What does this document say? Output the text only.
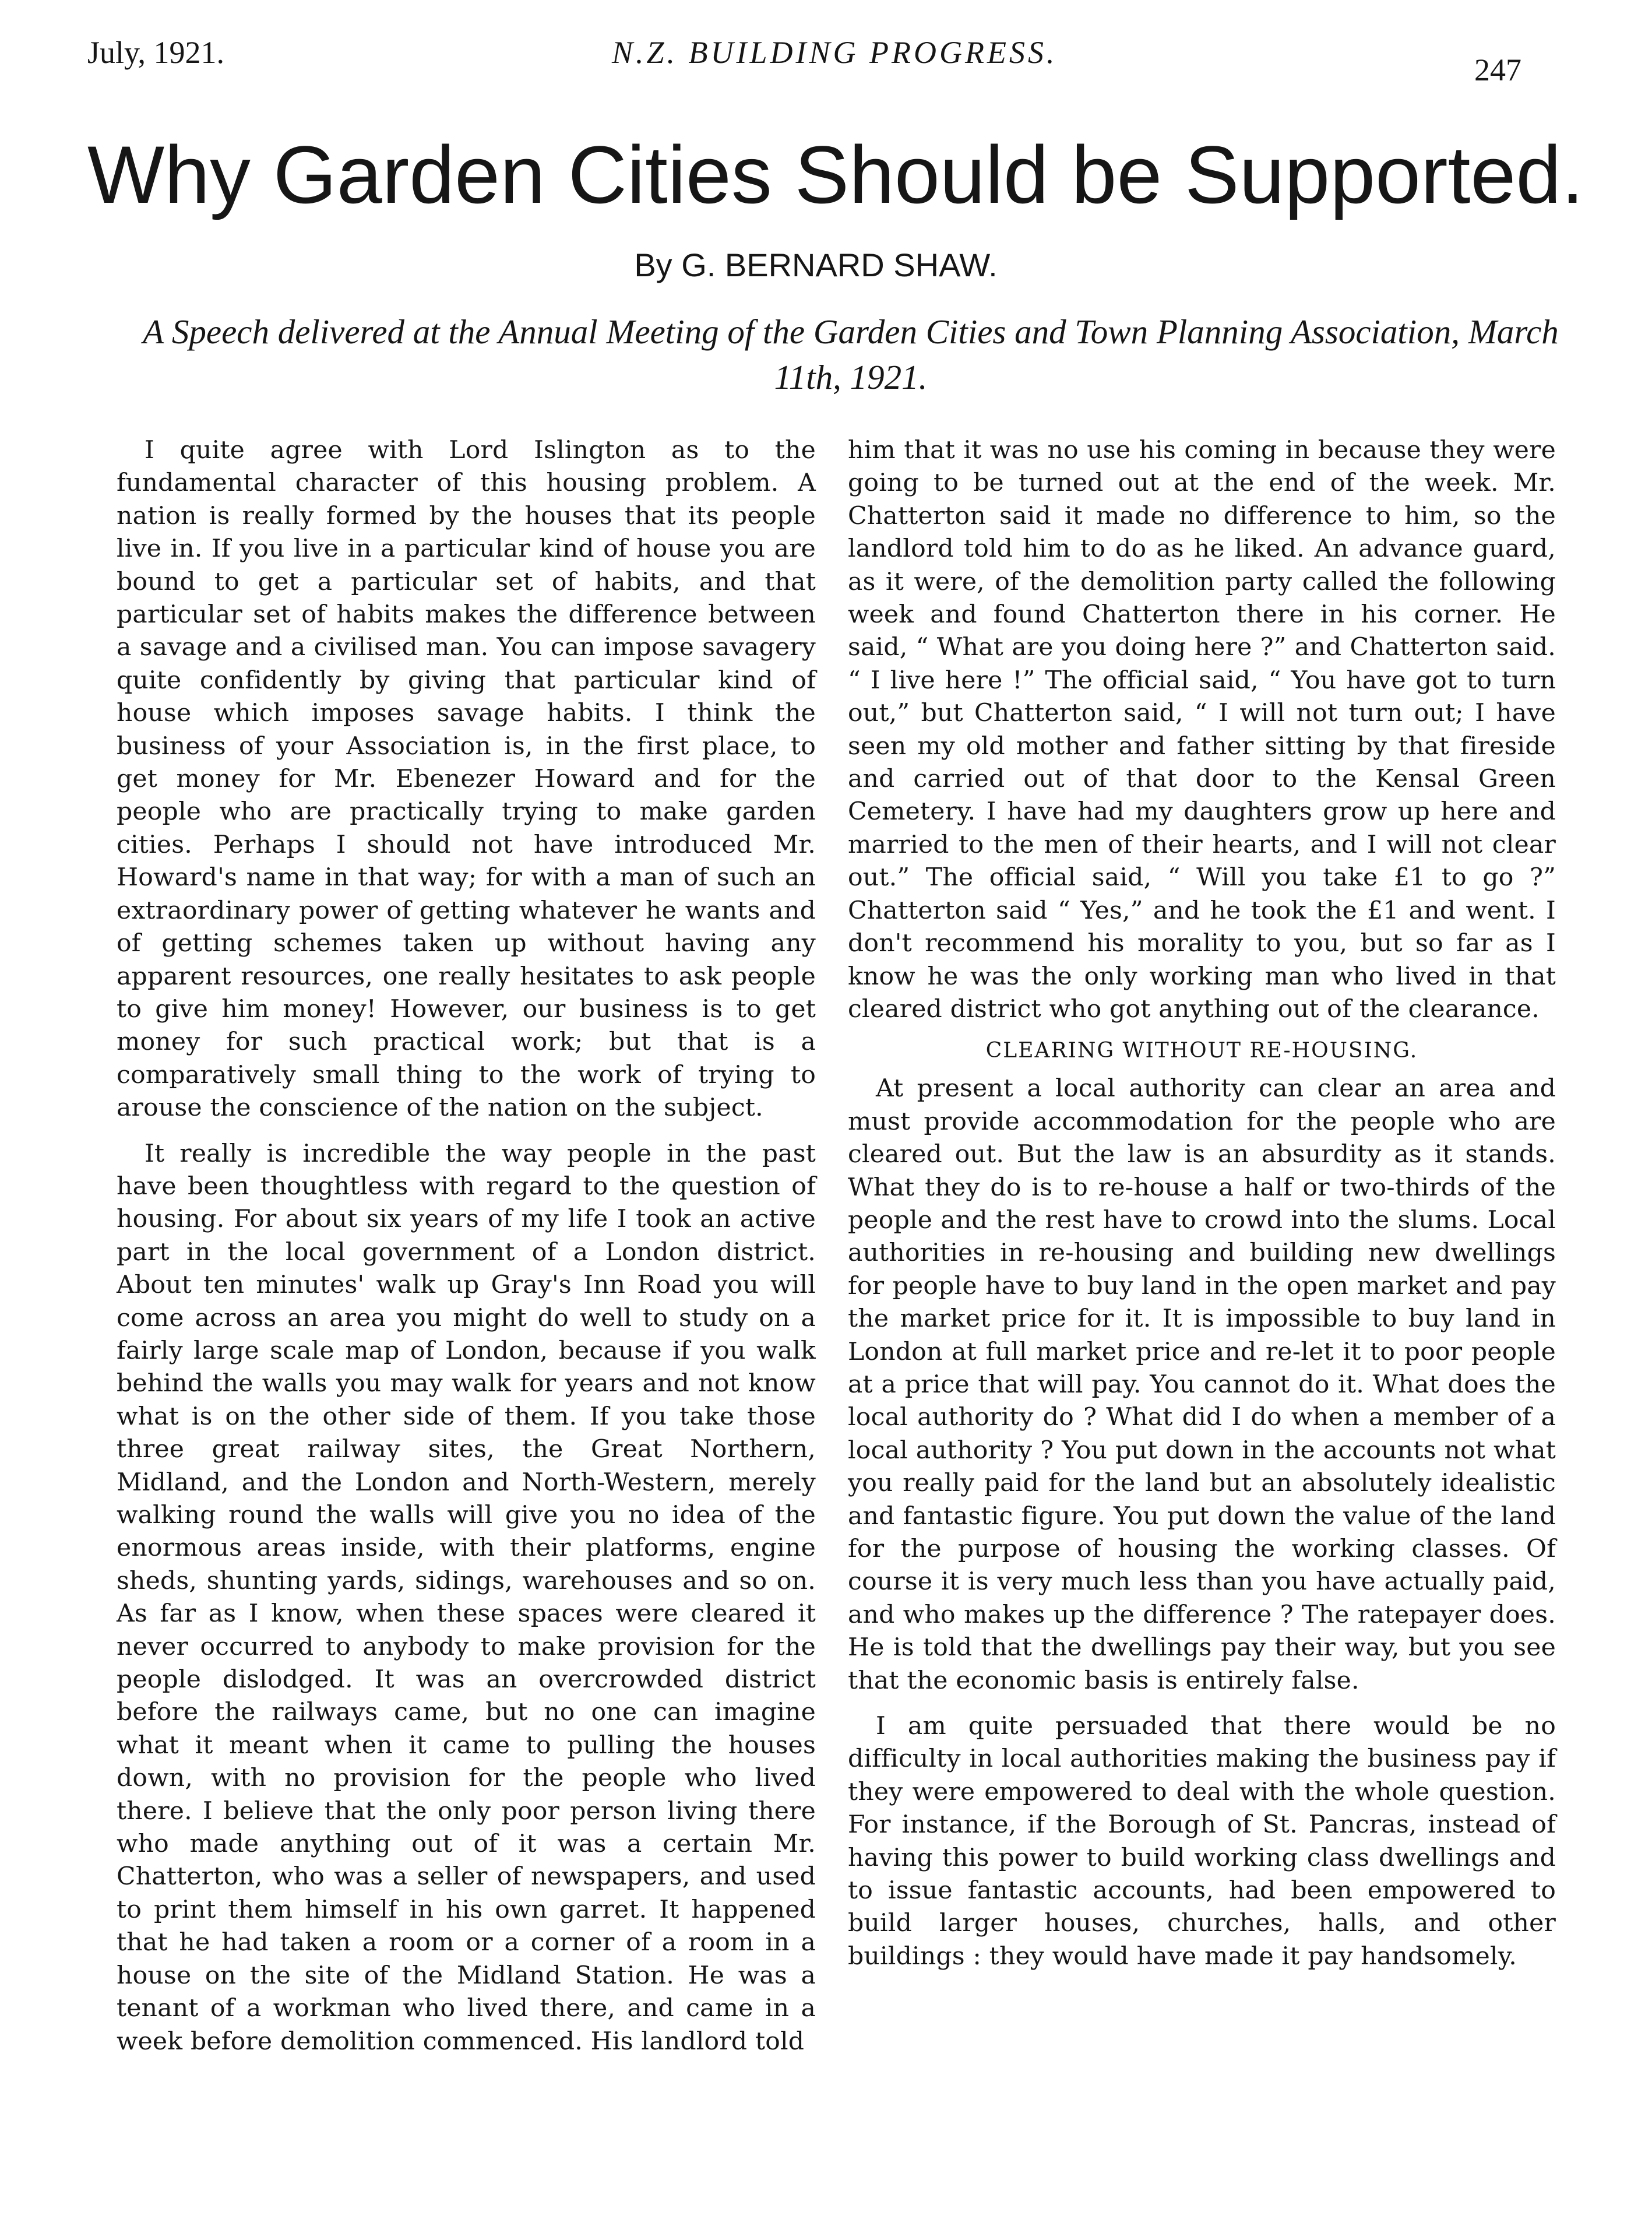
July, 1921.	N.Z. BUILDING PROGRESS.	247
Why Garden Cities Should be Supported.
By G. BERNARD SHAW.
A Speech delivered at the Annual Meeting of the Garden Cities and Town Planning Association, March 11th, 1921.

I quite agree with Lord Islington as to the fundamental character of this housing problem. A nation is really formed by the houses that its people live in. If you live in a particular kind of house you are bound to get a particular set of habits, and that particular set of habits makes the difference between a savage and a civilised man. You can impose savagery quite confidently by giving that particular kind of house which imposes savage habits. I think the business of your Association is, in the first place, to get money for Mr. Ebenezer Howard and for the people who are practically trying to make garden cities. Perhaps I should not have introduced Mr. Howard's name in that way; for with a man of such an extraordinary power of getting whatever he wants and of getting schemes taken up without having any apparent resources, one really hesitates to ask people to give him money! However, our business is to get money for such practical work; but that is a comparatively small thing to the work of trying to arouse the conscience of the nation on the subject.

It really is incredible the way people in the past have been thoughtless with regard to the question of housing. For about six years of my life I took an active part in the local government of a London district. About ten minutes' walk up Gray's Inn Road you will come across an area you might do well to study on a fairly large scale map of London, because if you walk behind the walls you may walk for years and not know what is on the other side of them. If you take those three great railway sites, the Great Northern, Midland, and the London and North-Western, merely walking round the walls will give you no idea of the enormous areas inside, with their platforms, engine sheds, shunting yards, sidings, warehouses and so on. As far as I know, when these spaces were cleared it never occurred to anybody to make provision for the people dislodged. It was an overcrowded district before the railways came, but no one can imagine what it meant when it came to pulling the houses down, with no provision for the people who lived there. I believe that the only poor person living there who made anything out of it was a certain Mr. Chatterton, who was a seller of newspapers, and used to print them himself in his own garret. It happened that he had taken a room or a corner of a room in a house on the site of the Midland Station. He was a tenant of a workman who lived there, and came in a week before demolition commenced. His landlord told

him that it was no use his coming in because they were going to be turned out at the end of the week. Mr. Chatterton said it made no difference to him, so the landlord told him to do as he liked. An advance guard, as it were, of the demolition party called the following week and found Chatterton there in his corner. He said, “ What are you doing here ?” and Chatterton said. “ I live here !” The official said, “ You have got to turn out,” but Chatterton said, “ I will not turn out; I have seen my old mother and father sitting by that fireside and carried out of that door to the Kensal Green Cemetery. I have had my daughters grow up here and married to the men of their hearts, and I will not clear out.” The official said, “ Will you take £1 to go ?” Chatterton said “ Yes,” and he took the £1 and went. I don't recommend his morality to you, but so far as I know he was the only working man who lived in that cleared district who got anything out of the clearance.

CLEARING WITHOUT RE-HOUSING.

At present a local authority can clear an area and must provide accommodation for the people who are cleared out. But the law is an absurdity as it stands. What they do is to re-house a half or two-thirds of the people and the rest have to crowd into the slums. Local authorities in re-housing and building new dwellings for people have to buy land in the open market and pay the market price for it. It is impossible to buy land in London at full market price and re-let it to poor people at a price that will pay. You cannot do it. What does the local authority do ? What did I do when a member of a local authority ? You put down in the accounts not what you really paid for the land but an absolutely idealistic and fantastic figure. You put down the value of the land for the purpose of housing the working classes. Of course it is very much less than you have actually paid, and who makes up the difference ? The ratepayer does. He is told that the dwellings pay their way, but you see that the economic basis is entirely false.

I am quite persuaded that there would be no difficulty in local authorities making the business pay if they were empowered to deal with the whole question. For instance, if the Borough of St. Pancras, instead of having this power to build working class dwellings and to issue fantastic accounts, had been empowered to build larger houses, churches, halls, and other buildings : they would have made it pay handsomely.
